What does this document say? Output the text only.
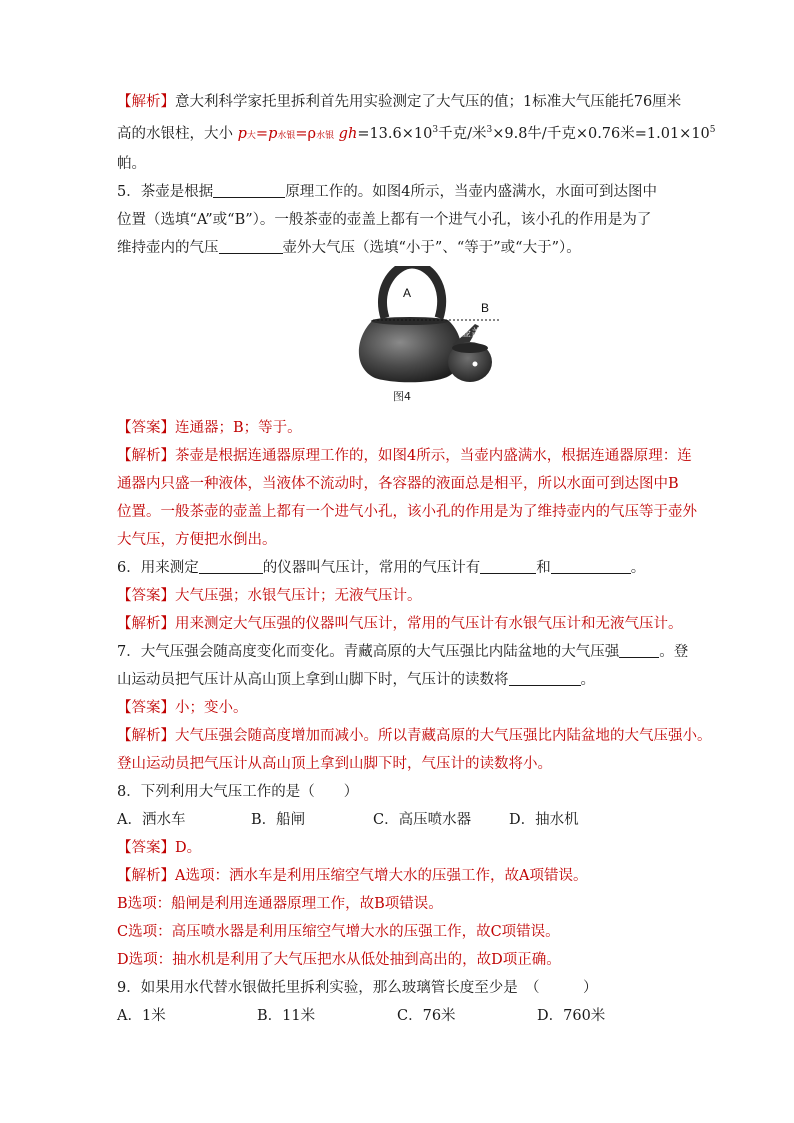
【解析】意大利科学家托里拆利首先用实验测定了大气压的值；1标准大气压能托76厘米
高的水银柱，大小 p大=p水银=ρ水银 $gh=13.6\times 10^3$千克/米$^3$×9.8牛/千克×0.76米$=1.01\times 10^5$
帕。
5．茶壶是根据	原理工作的。如图4所示，当壶内盛满水，水面可到达图中
位置（选填“A”或“B”）。一般茶壶的壶盖上都有一个进气小孔，该小孔的作用是为了
维持壶内的气压	壶外大气压（选填“小于”、“等于”或“大于”）。
A
B
壶盖
图4
【答案】连通器；B；等于。
【解析】茶壶是根据连通器原理工作的，如图4所示，当壶内盛满水，根据连通器原理：连
通器内只盛一种液体，当液体不流动时，各容器的液面总是相平，所以水面可到达图中B
位置。一般茶壶的壶盖上都有一个进气小孔，该小孔的作用是为了维持壶内的气压等于壶外
大气压，方便把水倒出。
6．用来测定	的仪器叫气压计，常用的气压计有	和	。
【答案】大气压强；水银气压计；无液气压计。
【解析】用来测定大气压强的仪器叫气压计，常用的气压计有水银气压计和无液气压计。
7．大气压强会随高度变化而变化。青藏高原的大气压强比内陆盆地的大气压强	。登
山运动员把气压计从高山顶上拿到山脚下时，气压计的读数将	。
【答案】小；变小。
【解析】大气压强会随高度增加而减小。所以青藏高原的大气压强比内陆盆地的大气压强小。
登山运动员把气压计从高山顶上拿到山脚下时，气压计的读数将小。
8．下列利用大气压工作的是（　　）
A．洒水车	B．船闸	C．高压喷水器	D．抽水机
【答案】D。
【解析】A选项：洒水车是利用压缩空气增大水的压强工作，故A项错误。
B选项：船闸是利用连通器原理工作，故B项错误。
C选项：高压喷水器是利用压缩空气增大水的压强工作，故C项错误。
D选项：抽水机是利用了大气压把水从低处抽到高出的，故D项正确。
9．如果用水代替水银做托里拆利实验，那么玻璃管长度至少是　（　　　）
A．1米	B．11米	C．76米	D．760米
